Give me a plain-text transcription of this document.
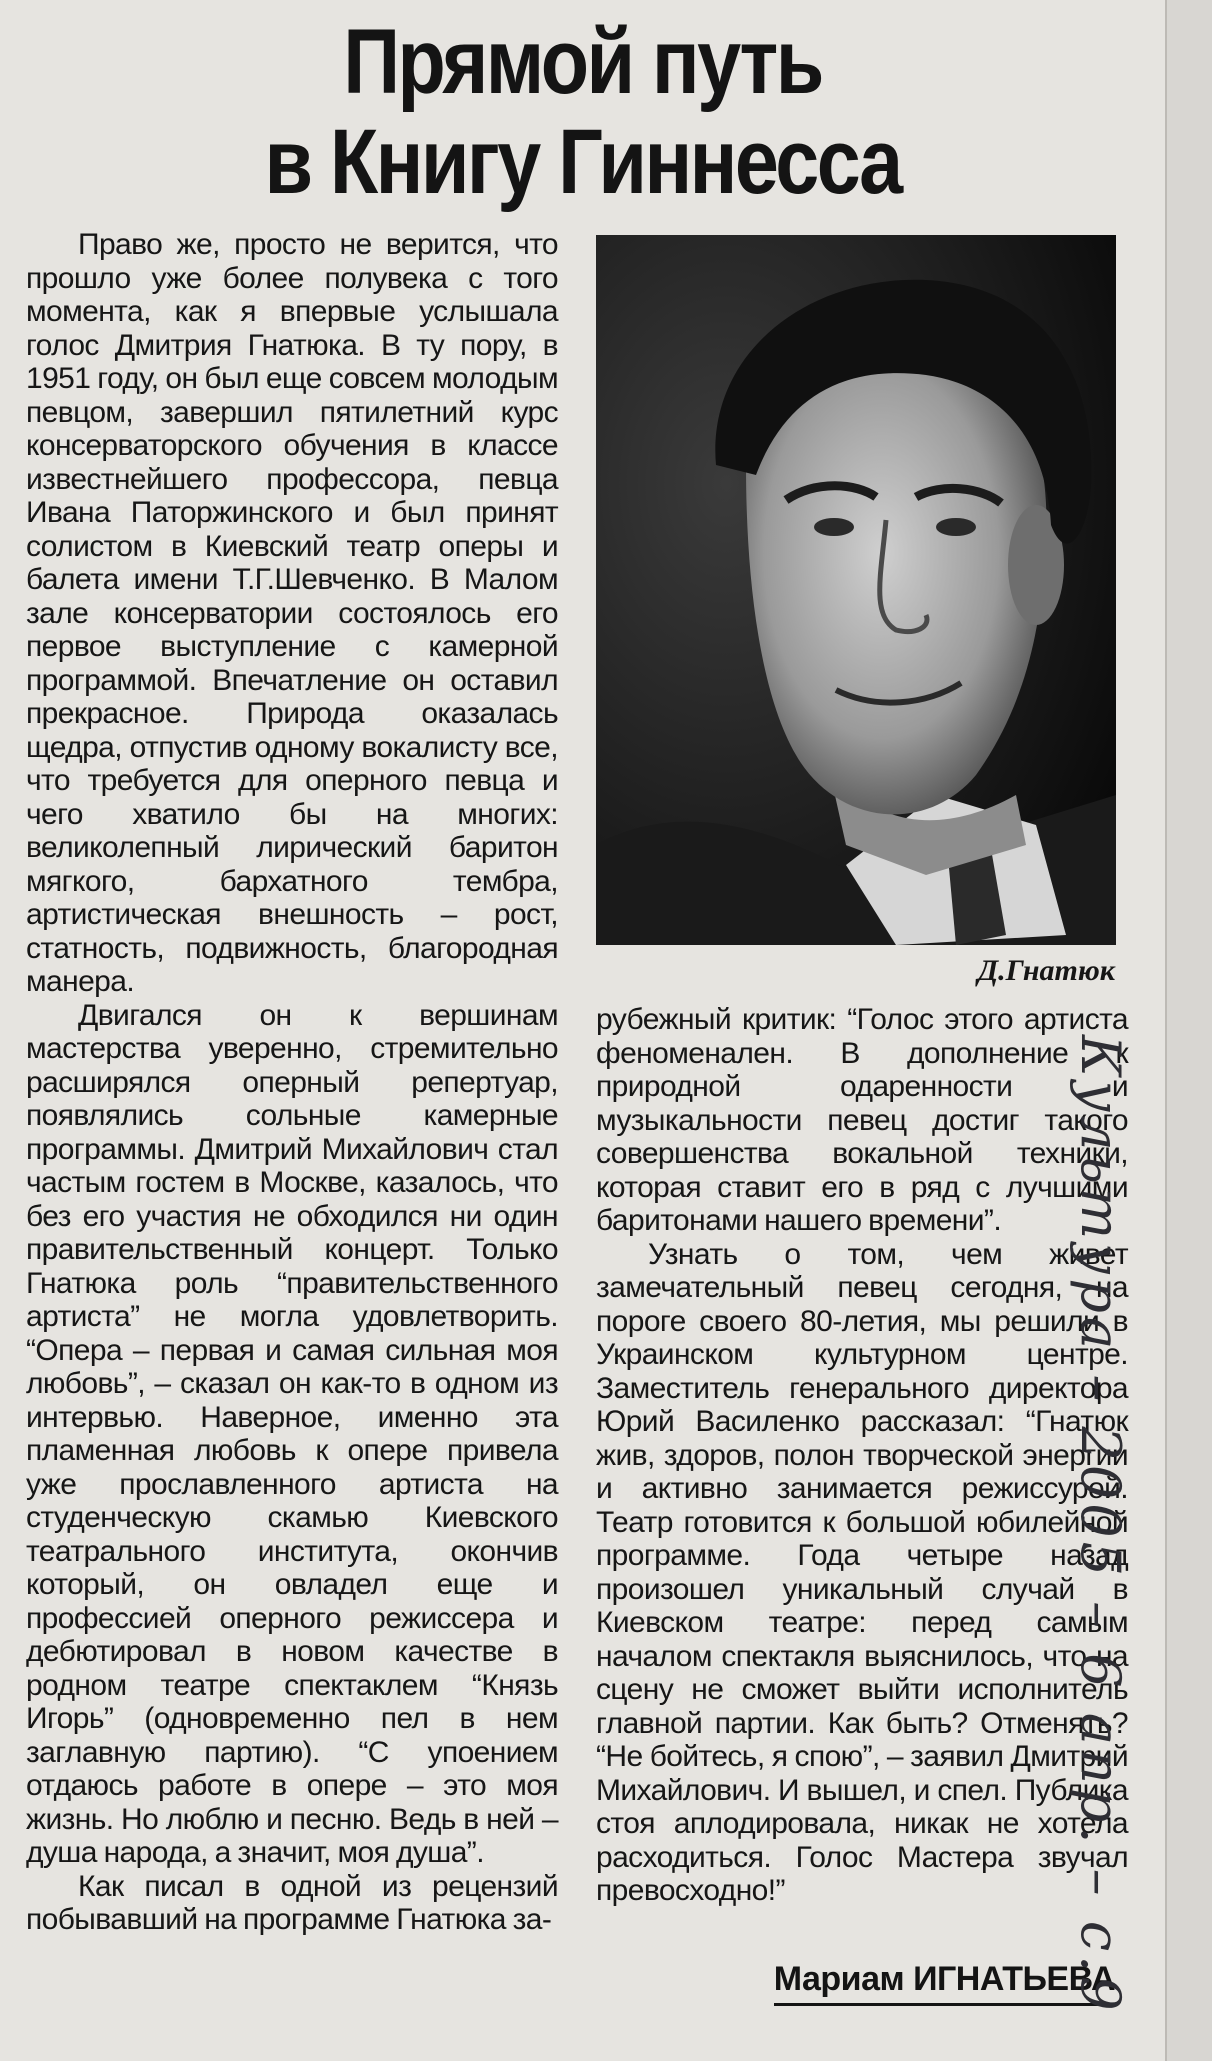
Прямой путь
в Книгу Гиннесса

Право же, просто не верится, что прошло уже более полувека с того момента, как я впервые услышала голос Дмитрия Гнатюка. В ту пору, в 1951 году, он был еще совсем молодым певцом, завершил пятилетний курс консерваторского обучения в классе известнейшего профессора, певца Ивана Паторжинского и был принят солистом в Киевский театр оперы и балета имени Т.Г.Шевченко. В Малом зале консерватории состоялось его первое выступление с камерной программой. Впечатление он оставил прекрасное. Природа оказалась щедра, отпустив одному вокалисту все, что требуется для оперного певца и чего хватило бы на многих: великолепный лирический баритон мягкого, бархатного тембра, артистическая внешность – рост, статность, подвижность, благородная манера.

Двигался он к вершинам мастерства уверенно, стремительно расширялся оперный репертуар, появлялись сольные камерные программы. Дмитрий Михайлович стал частым гостем в Москве, казалось, что без его участия не обходился ни один правительственный концерт. Только Гнатюка роль “правительственного артиста” не могла удовлетворить. “Опера – первая и самая сильная моя любовь”, – сказал он как-то в одном из интервью. Наверное, именно эта пламенная любовь к опере привела уже прославленного артиста на студенческую скамью Киевского театрального института, окончив который, он овладел еще и профессией оперного режиссера и дебютировал в новом качестве в родном театре спектаклем “Князь Игорь” (одновременно пел в нем заглавную партию). “С упоением отдаюсь работе в опере – это моя жизнь. Но люблю и песню. Ведь в ней – душа народа, а значит, моя душа”.

Как писал в одной из рецензий побывавший на программе Гнатюка за-

Д.Гнатюк

рубежный критик: “Голос этого артиста феноменален. В дополнение к природной одаренности и музыкальности певец достиг такого совершенства вокальной техники, которая ставит его в ряд с лучшими баритонами нашего времени”.

Узнать о том, чем живет замечательный певец сегодня, на пороге своего 80-летия, мы решили в Украинском культурном центре. Заместитель генерального директора Юрий Василенко рассказал: “Гнатюк жив, здоров, полон творческой энергии и активно занимается режиссурой. Театр готовится к большой юбилейной программе. Года четыре назад произошел уникальный случай в Киевском театре: перед самым началом спектакля выяснилось, что на сцену не сможет выйти исполнитель главной партии. Как быть? Отменять? “Не бойтесь, я спою”, – заявил Дмитрий Михайлович. И вышел, и спел. Публика стоя аплодировала, никак не хотела расходиться. Голос Мастера звучал превосходно!”

Мариам ИГНАТЬЕВА
Культура – 2005 – 6 апр. – с.9
